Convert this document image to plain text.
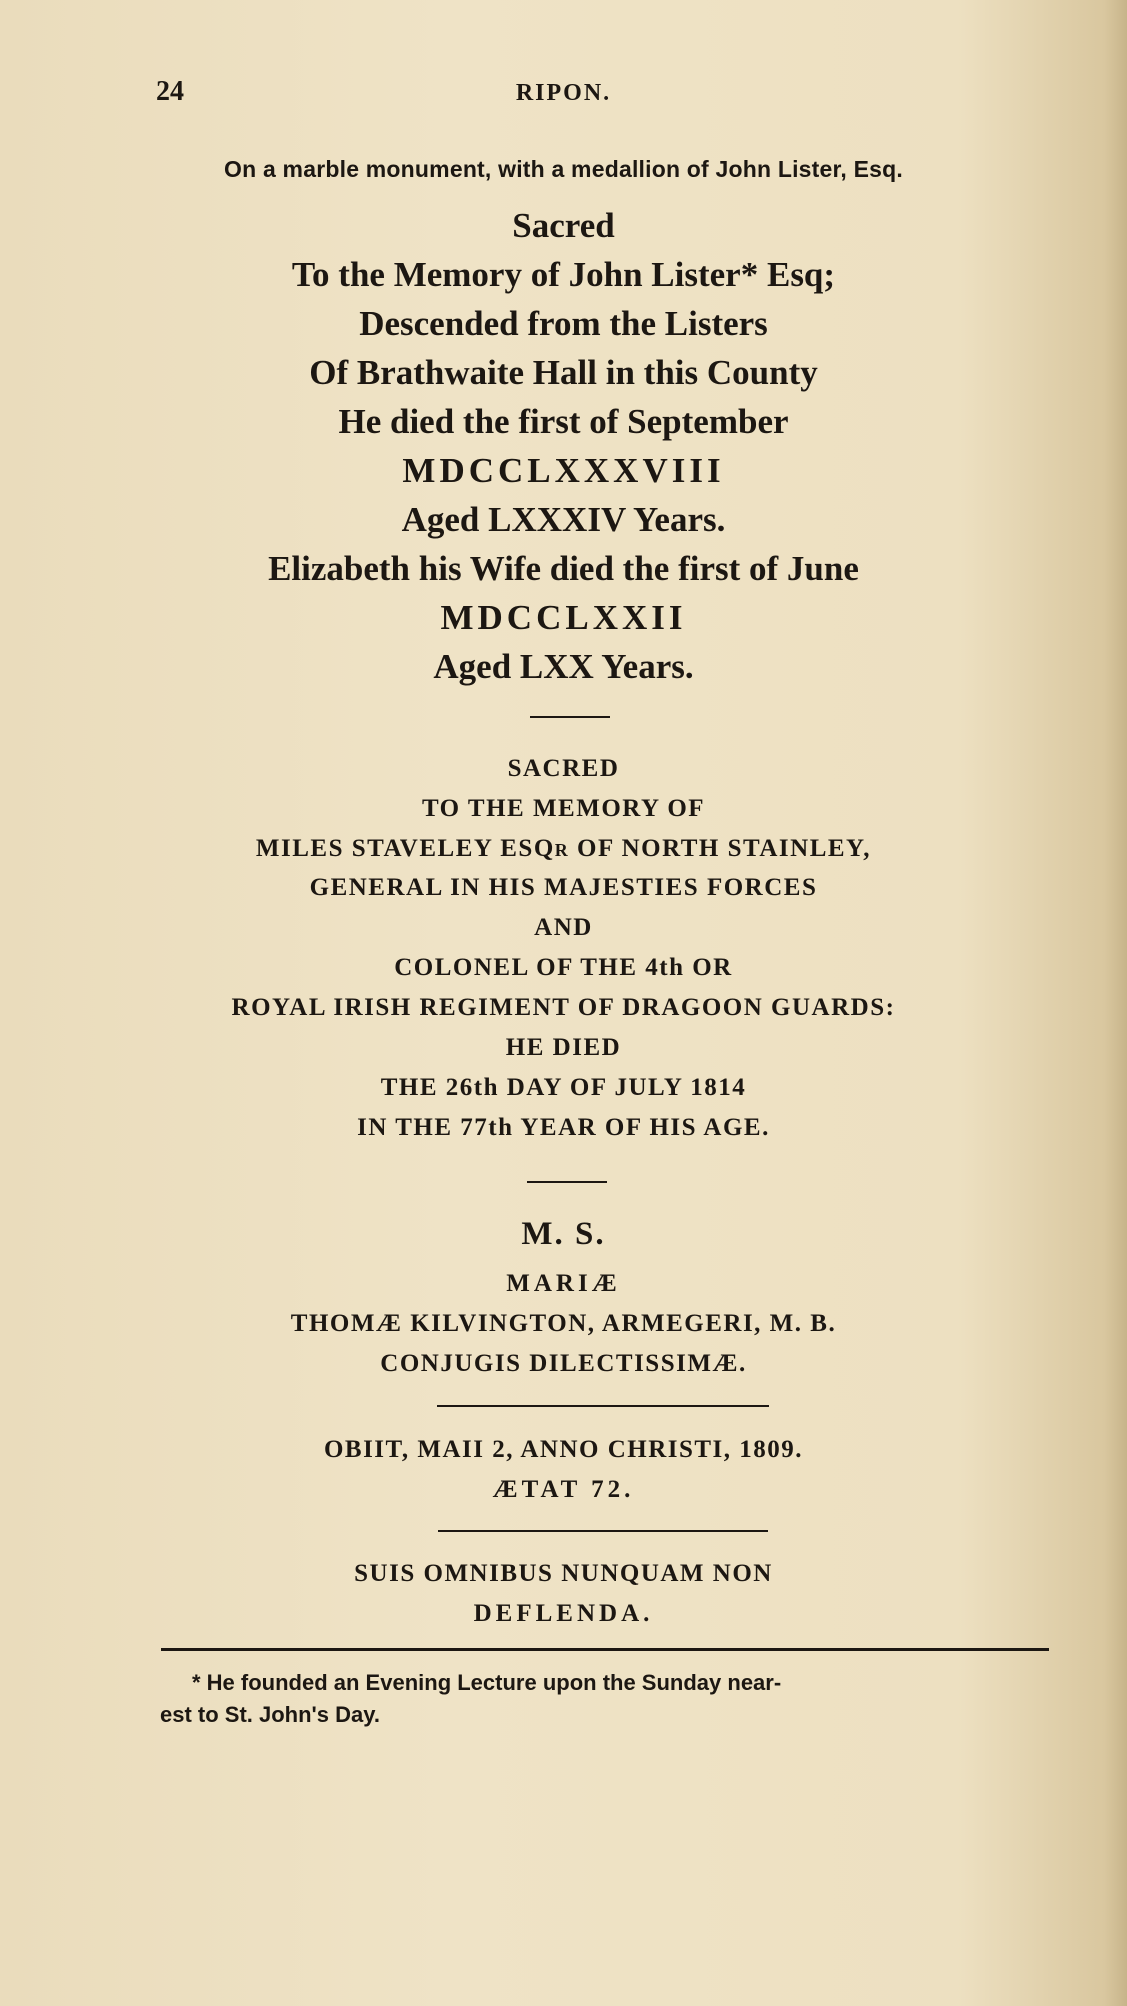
24	RIPON.
On a marble monument, with a medallion of John Lister, Esq.
Sacred
To the Memory of John Lister* Esq;
Descended from the Listers
Of Brathwaite Hall in this County
He died the first of September
MDCCLXXXVIII
Aged LXXXIV Years.
Elizabeth his Wife died the first of June
MDCCLXXII
Aged LXX Years.
SACRED
TO THE MEMORY OF
MILES STAVELEY ESQR OF NORTH STAINLEY,
GENERAL IN HIS MAJESTIES FORCES
AND
COLONEL OF THE 4th OR
ROYAL IRISH REGIMENT OF DRAGOON GUARDS:
HE DIED
THE 26th DAY OF JULY 1814
IN THE 77th YEAR OF HIS AGE.
M. S.
MARIÆ
THOMÆ KILVINGTON, ARMEGERI, M. B.
CONJUGIS DILECTISSIMÆ.
OBIIT, MAII 2, ANNO CHRISTI, 1809.
ÆTAT 72.
SUIS OMNIBUS NUNQUAM NON
DEFLENDA.
* He founded an Evening Lecture upon the Sunday near-
est to St. John's Day.
